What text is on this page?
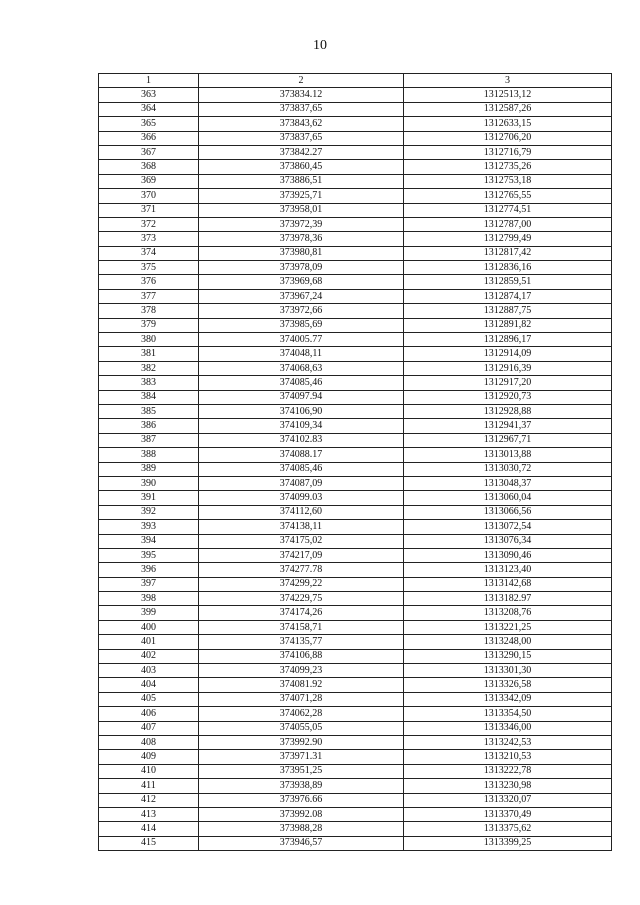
10
1	2	3
363	373834.12	1312513,12
364	373837,65	1312587,26
365	373843,62	1312633,15
366	373837,65	1312706,20
367	373842.27	1312716,79
368	373860,45	1312735,26
369	373886,51	1312753,18
370	373925,71	1312765,55
371	373958,01	1312774,51
372	373972,39	1312787,00
373	373978,36	1312799,49
374	373980,81	1312817,42
375	373978,09	1312836,16
376	373969,68	1312859,51
377	373967,24	1312874,17
378	373972,66	1312887,75
379	373985,69	1312891,82
380	374005.77	1312896,17
381	374048,11	1312914,09
382	374068,63	1312916,39
383	374085,46	1312917,20
384	374097.94	1312920,73
385	374106,90	1312928,88
386	374109,34	1312941,37
387	374102.83	1312967,71
388	374088.17	1313013,88
389	374085,46	1313030,72
390	374087,09	1313048,37
391	374099.03	1313060,04
392	374112,60	1313066,56
393	374138,11	1313072,54
394	374175,02	1313076,34
395	374217,09	1313090,46
396	374277.78	1313123,40
397	374299,22	1313142,68
398	374229,75	1313182.97
399	374174,26	1313208,76
400	374158,71	1313221,25
401	374135,77	1313248,00
402	374106,88	1313290,15
403	374099,23	1313301,30
404	374081.92	1313326,58
405	374071,28	1313342,09
406	374062,28	1313354,50
407	374055,05	1313346,00
408	373992.90	1313242,53
409	373971.31	1313210,53
410	373951,25	1313222,78
411	373938,89	1313230,98
412	373976.66	1313320,07
413	373992.08	1313370,49
414	373988,28	1313375,62
415	373946,57	1313399,25
